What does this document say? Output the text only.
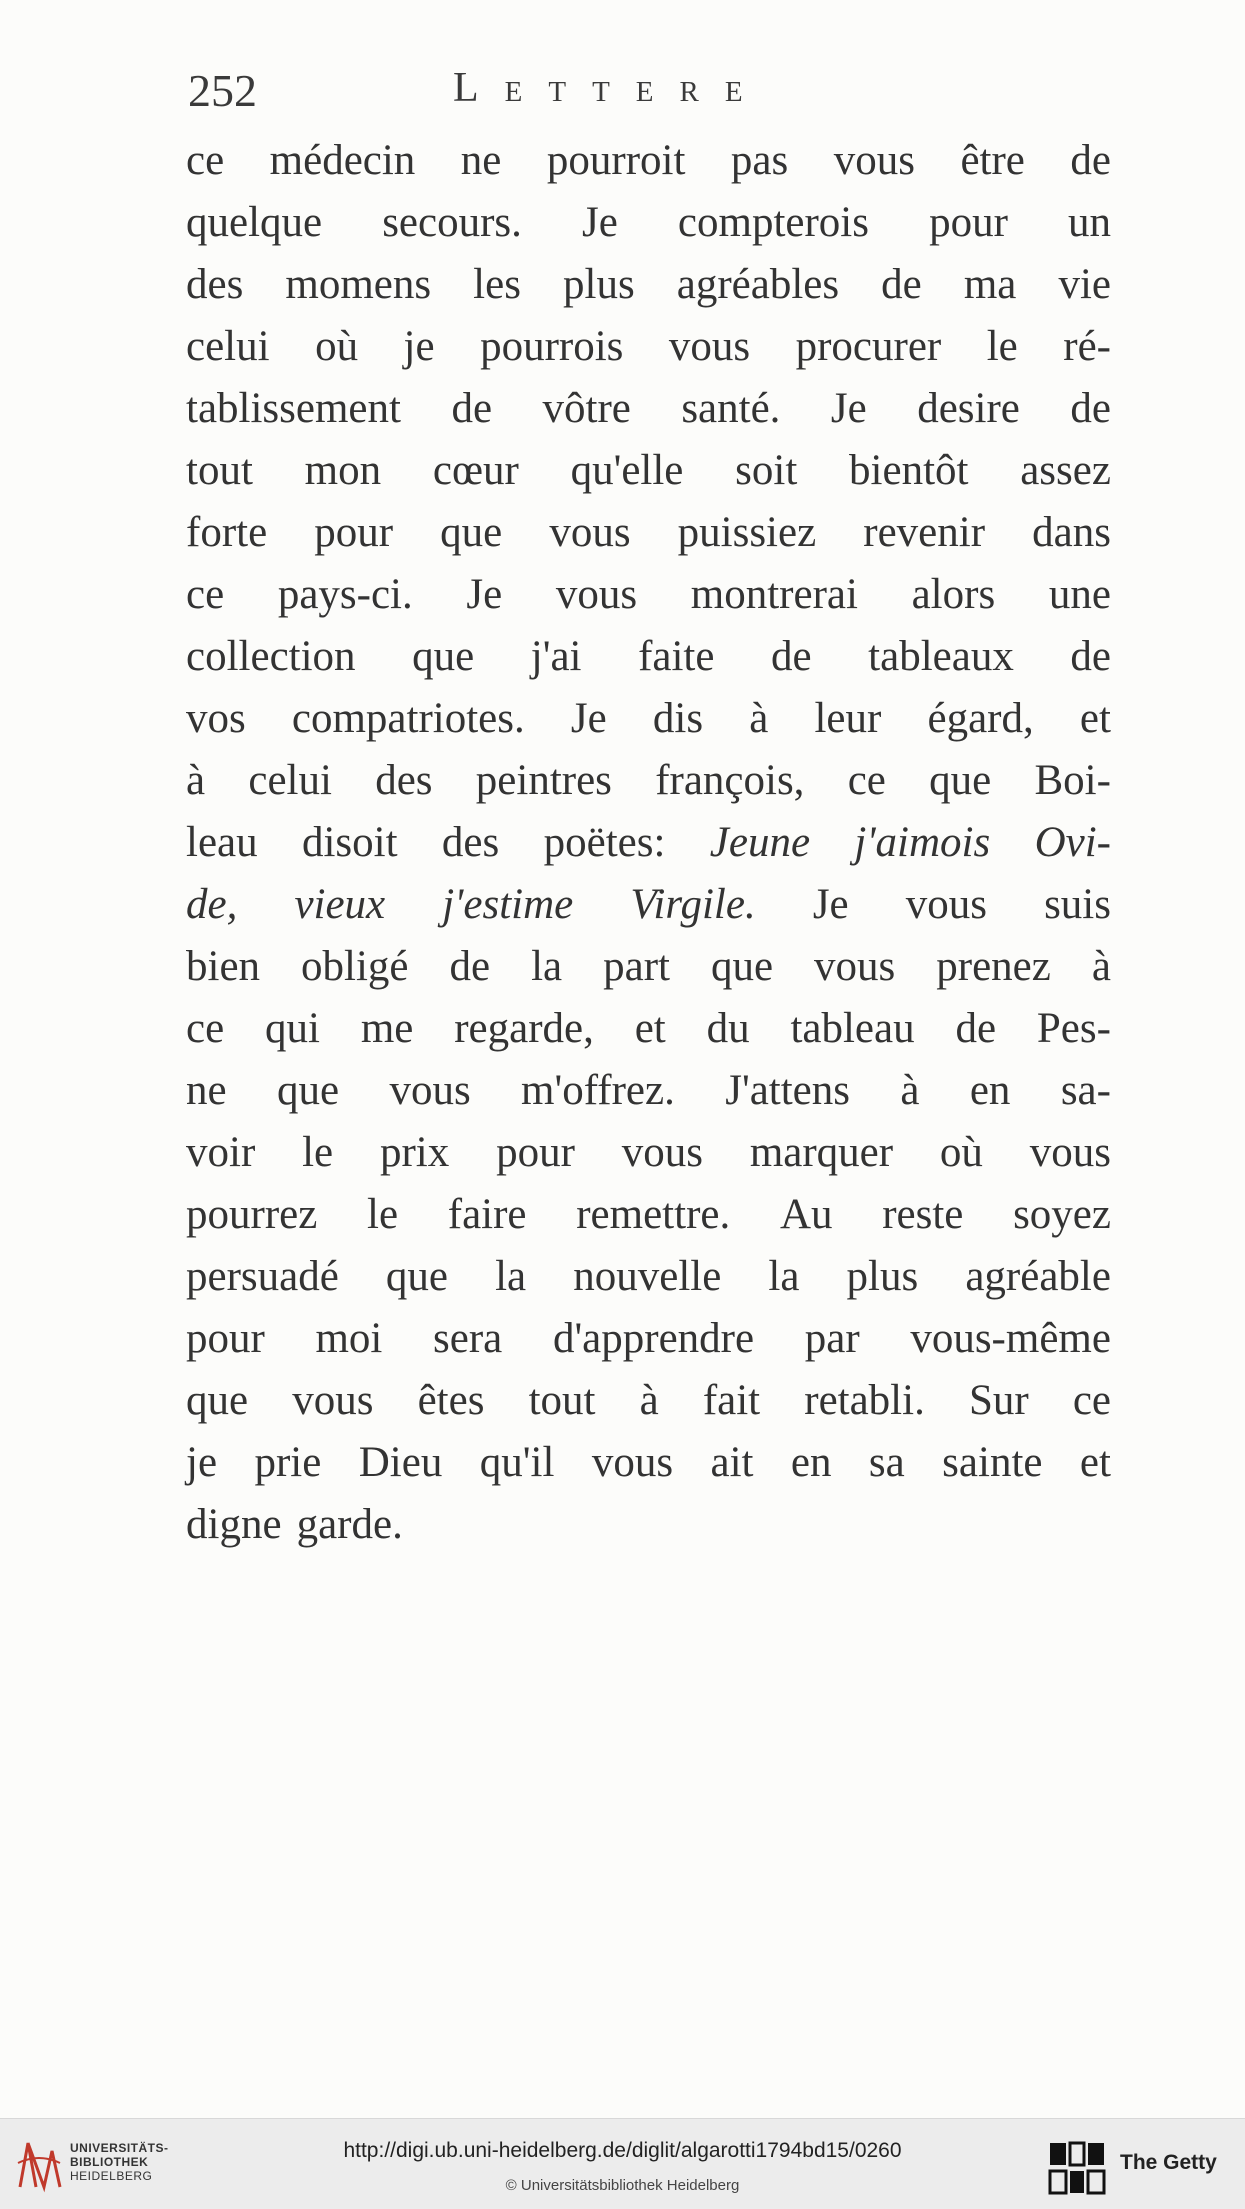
252	Lettere
ce médecin ne pourroit pas vous être de
quelque secours. Je compterois pour un
des momens les plus agréables de ma vie
celui où je pourrois vous procurer le ré-
tablissement de vôtre santé. Je desire de
tout mon cœur qu'elle soit bientôt assez
forte pour que vous puissiez revenir dans
ce pays-ci. Je vous montrerai alors une
collection que j'ai faite de tableaux de
vos compatriotes. Je dis à leur égard, et
à celui des peintres françois, ce que Boi-
leau disoit des poëtes: Jeune j'aimois Ovi-
de, vieux j'estime Virgile. Je vous suis
bien obligé de la part que vous prenez à
ce qui me regarde, et du tableau de Pes-
ne que vous m'offrez. J'attens à en sa-
voir le prix pour vous marquer où vous
pourrez le faire remettre. Au reste soyez
persuadé que la nouvelle la plus agréable
pour moi sera d'apprendre par vous-même
que vous êtes tout à fait retabli. Sur ce
je prie Dieu qu'il vous ait en sa sainte et
digne garde.
UNIVERSITÄTS-
BIBLIOTHEK
HEIDELBERG
http://digi.ub.uni-heidelberg.de/diglit/algarotti1794bd15/0260
© Universitätsbibliothek Heidelberg
The Getty
